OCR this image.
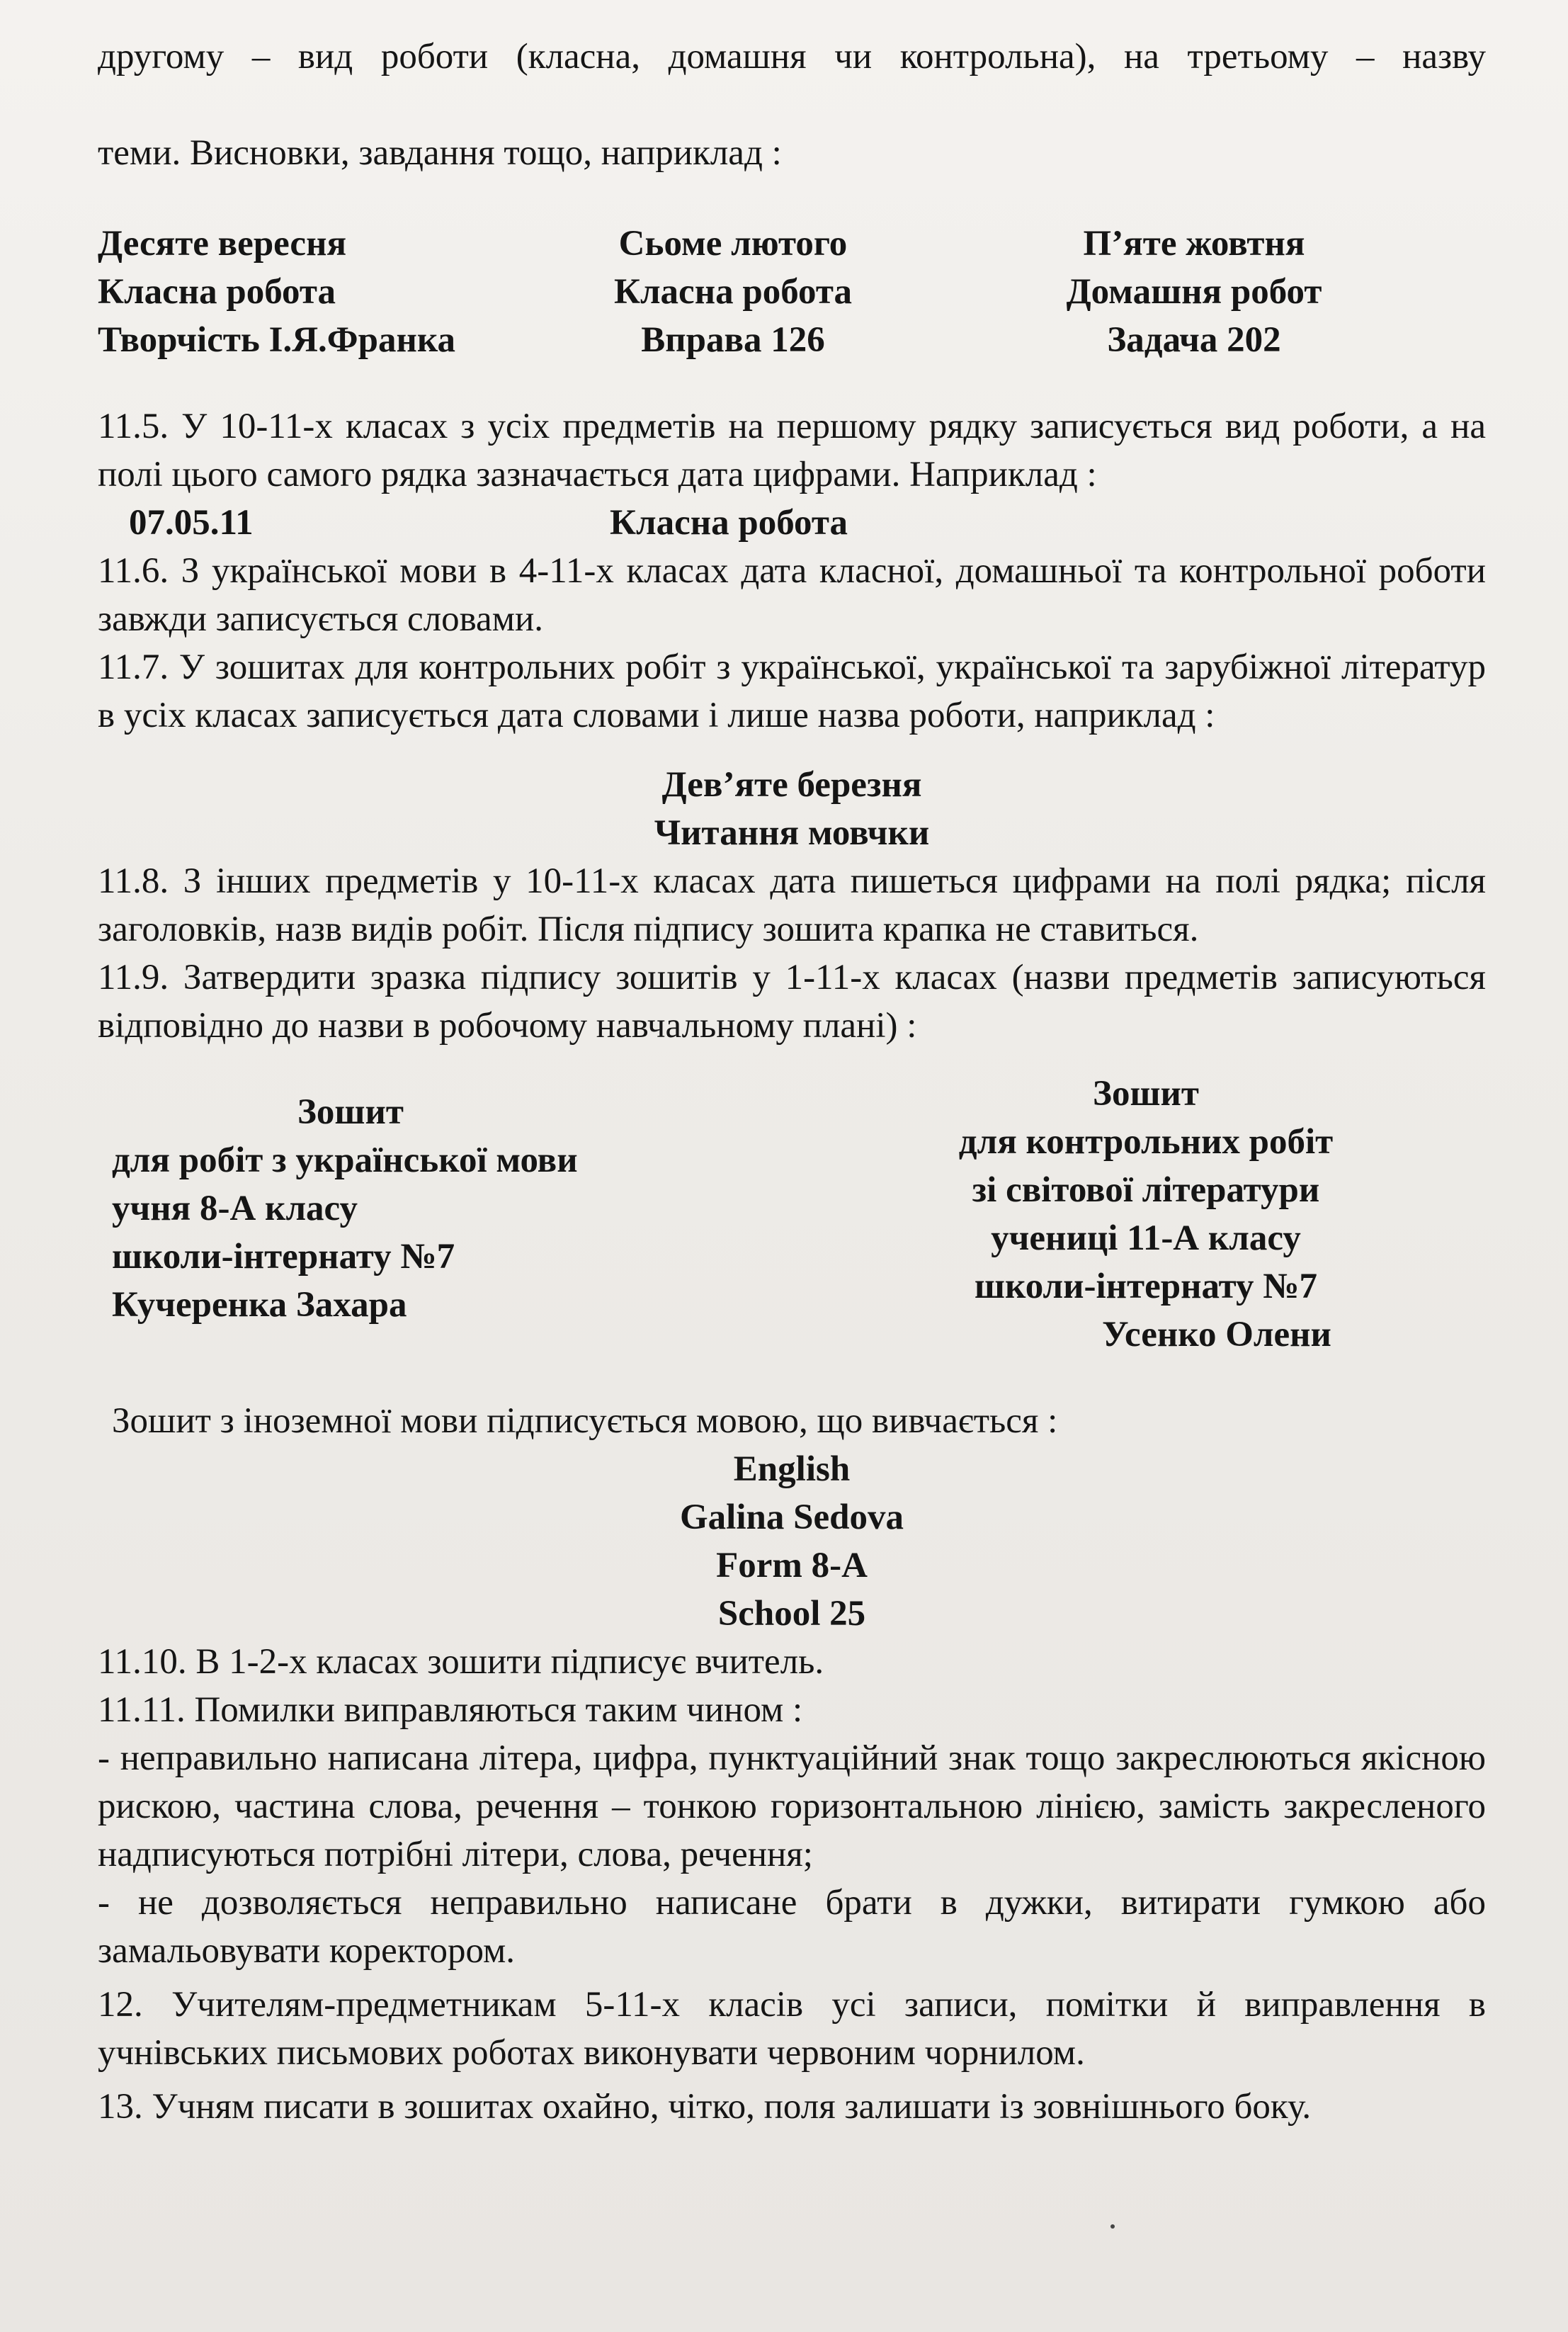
другому – вид роботи (класна, домашня чи контрольна), на третьому – назву
теми. Висновки, завдання тощо, наприклад :
Десяте вересня
Класна робота
Творчість І.Я.Франка
Сьоме лютого
Класна робота
Вправа 126
П’яте жовтня
Домашня робот
Задача 202
11.5. У 10-11-х класах з усіх предметів на першому рядку записується вид роботи, а на полі цього самого рядка зазначається дата цифрами. Наприклад :
07.05.11	Класна робота
11.6. З української мови в 4-11-х класах дата класної, домашньої та контрольної роботи завжди записується словами.
11.7. У зошитах для контрольних робіт з української, української та зарубіжної літератур в усіх класах записується дата словами і лише назва роботи, наприклад :
Дев’яте березня
Читання мовчки
11.8. З інших предметів у 10-11-х класах дата пишеться цифрами на полі рядка; після заголовків, назв видів робіт. Після підпису зошита крапка не ставиться.
11.9. Затвердити зразка підпису зошитів у 1-11-х класах (назви предметів записуються відповідно до назви в робочому навчальному плані) :
Зошит
для робіт з української мови
учня 8-А класу
школи-інтернату №7
Кучеренка Захара
Зошит
для контрольних робіт
зі світової літератури
учениці 11-А класу
школи-інтернату №7
Усенко Олени
Зошит з іноземної мови підписується мовою, що вивчається :
English
Galina Sedova
Form 8-A
School 25
11.10. В 1-2-х класах зошити підписує вчитель.
11.11. Помилки виправляються таким чином :
- неправильно написана літера, цифра, пунктуаційний знак тощо закреслюються якісною рискою, частина слова, речення – тонкою горизонтальною лінією, замість закресленого надписуються потрібні літери, слова, речення;
- не дозволяється неправильно написане брати в дужки, витирати гумкою або замальовувати коректором.
12. Учителям-предметникам 5-11-х класів усі записи, помітки й виправлення в учнівських письмових роботах виконувати червоним чорнилом.
13. Учням писати в зошитах охайно, чітко, поля залишати із зовнішнього боку.
